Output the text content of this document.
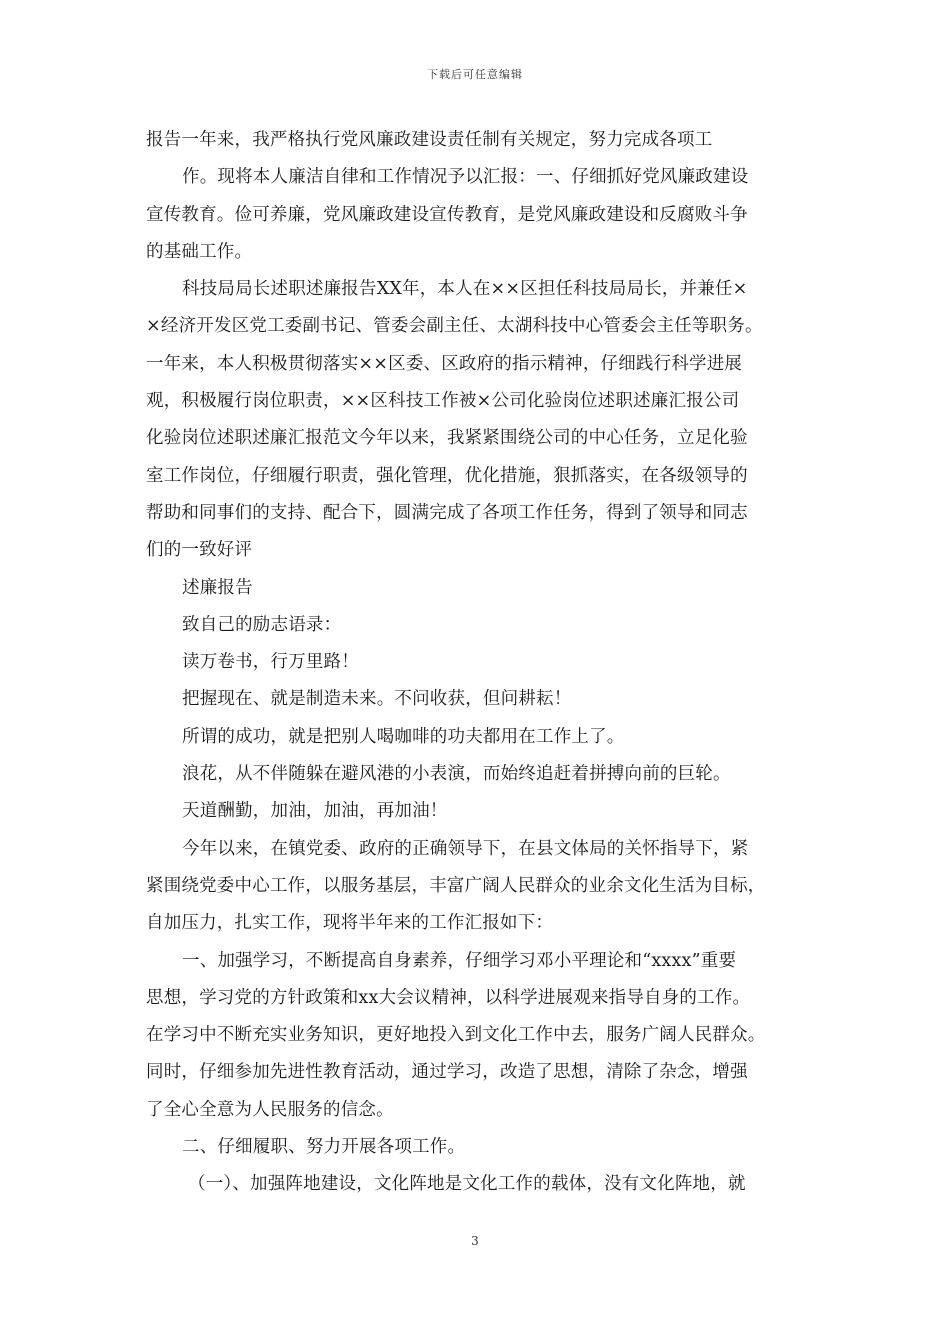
下载后可任意编辑
报告一年来，我严格执行党风廉政建设责任制有关规定，努力完成各项工
作。现将本人廉洁自律和工作情况予以汇报：一、仔细抓好党风廉政建设
宣传教育。俭可养廉，党风廉政建设宣传教育，是党风廉政建设和反腐败斗争
的基础工作。
科技局局长述职述廉报告XX年，本人在××区担任科技局局长，并兼任×
×经济开发区党工委副书记、管委会副主任、太湖科技中心管委会主任等职务。
一年来，本人积极贯彻落实××区委、区政府的指示精神，仔细践行科学进展
观，积极履行岗位职责，××区科技工作被×公司化验岗位述职述廉汇报公司
化验岗位述职述廉汇报范文今年以来，我紧紧围绕公司的中心任务，立足化验
室工作岗位，仔细履行职责，强化管理，优化措施，狠抓落实，在各级领导的
帮助和同事们的支持、配合下，圆满完成了各项工作任务，得到了领导和同志
们的一致好评
述廉报告
致自己的励志语录：
读万卷书，行万里路！
把握现在、就是制造未来。不问收获，但问耕耘！
所谓的成功，就是把别人喝咖啡的功夫都用在工作上了。
浪花，从不伴随躲在避风港的小表演，而始终追赶着拼搏向前的巨轮。
天道酬勤，加油，加油，再加油！
今年以来，在镇党委、政府的正确领导下，在县文体局的关怀指导下，紧
紧围绕党委中心工作，以服务基层，丰富广阔人民群众的业余文化生活为目标，
自加压力，扎实工作，现将半年来的工作汇报如下：
一、加强学习，不断提高自身素养，仔细学习邓小平理论和“xxxx”重要
思想，学习党的方针政策和xx大会议精神，以科学进展观来指导自身的工作。
在学习中不断充实业务知识，更好地投入到文化工作中去，服务广阔人民群众。
同时，仔细参加先进性教育活动，通过学习，改造了思想，清除了杂念，增强
了全心全意为人民服务的信念。
二、仔细履职、努力开展各项工作。
（一）、加强阵地建设，文化阵地是文化工作的载体，没有文化阵地，就
3
